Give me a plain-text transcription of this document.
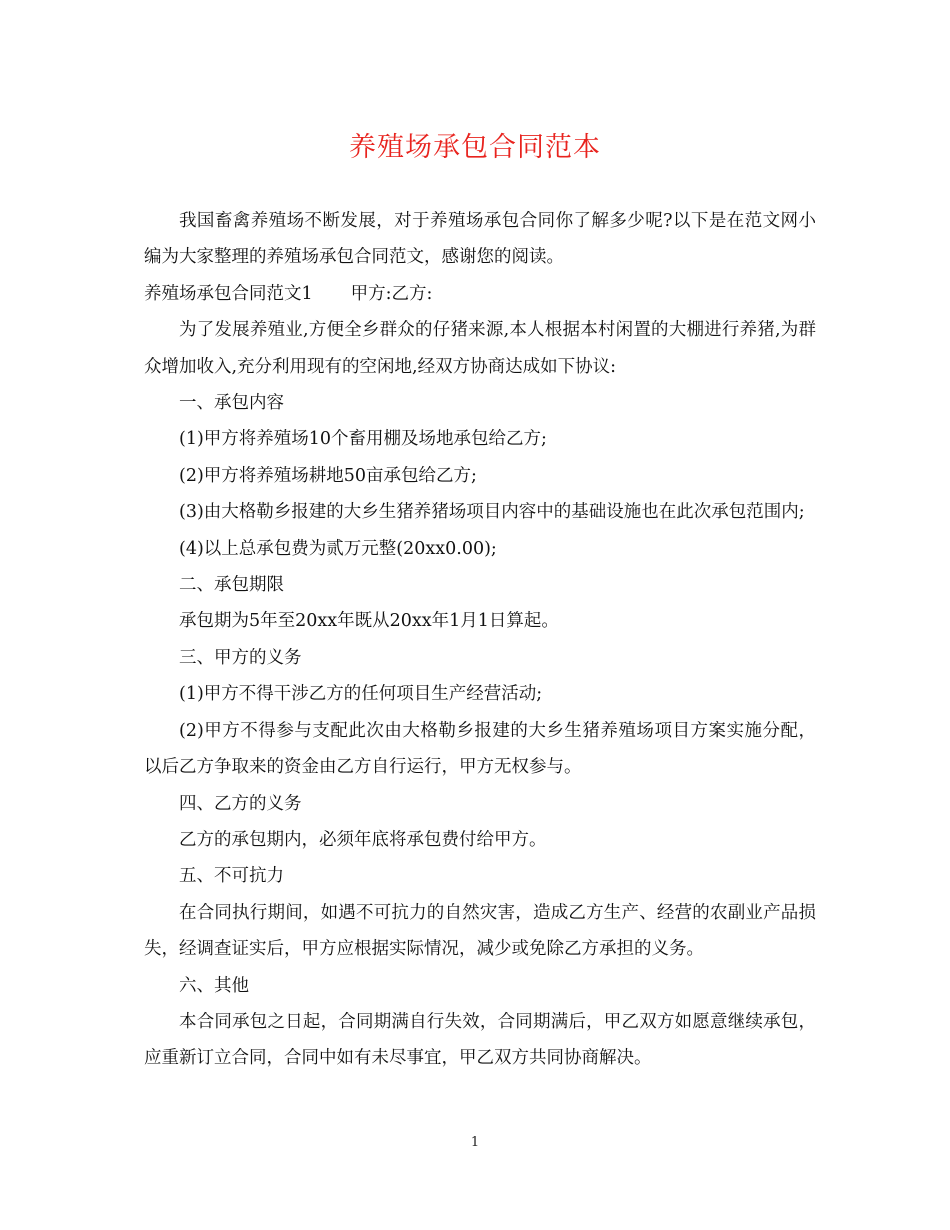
养殖场承包合同范本

我国畜禽养殖场不断发展，对于养殖场承包合同你了解多少呢?以下是在范文网小编为大家整理的养殖场承包合同范文，感谢您的阅读。

养殖场承包合同范文1 甲方:乙方:

为了发展养殖业,方便全乡群众的仔猪来源,本人根据本村闲置的大棚进行养猪,为群众增加收入,充分利用现有的空闲地,经双方协商达成如下协议:

一、承包内容

(1)甲方将养殖场10个畜用棚及场地承包给乙方;

(2)甲方将养殖场耕地50亩承包给乙方;

(3)由大格勒乡报建的大乡生猪养猪场项目内容中的基础设施也在此次承包范围内;

(4)以上总承包费为贰万元整(20xx0.00);

二、承包期限

承包期为5年至20xx年既从20xx年1月1日算起。

三、甲方的义务

(1)甲方不得干涉乙方的任何项目生产经营活动;

(2)甲方不得参与支配此次由大格勒乡报建的大乡生猪养殖场项目方案实施分配，以后乙方争取来的资金由乙方自行运行，甲方无权参与。

四、乙方的义务

乙方的承包期内，必须年底将承包费付给甲方。

五、不可抗力

在合同执行期间，如遇不可抗力的自然灾害，造成乙方生产、经营的农副业产品损失，经调查证实后，甲方应根据实际情况，减少或免除乙方承担的义务。

六、其他

本合同承包之日起，合同期满自行失效，合同期满后，甲乙双方如愿意继续承包，应重新订立合同，合同中如有未尽事宜，甲乙双方共同协商解决。

1
